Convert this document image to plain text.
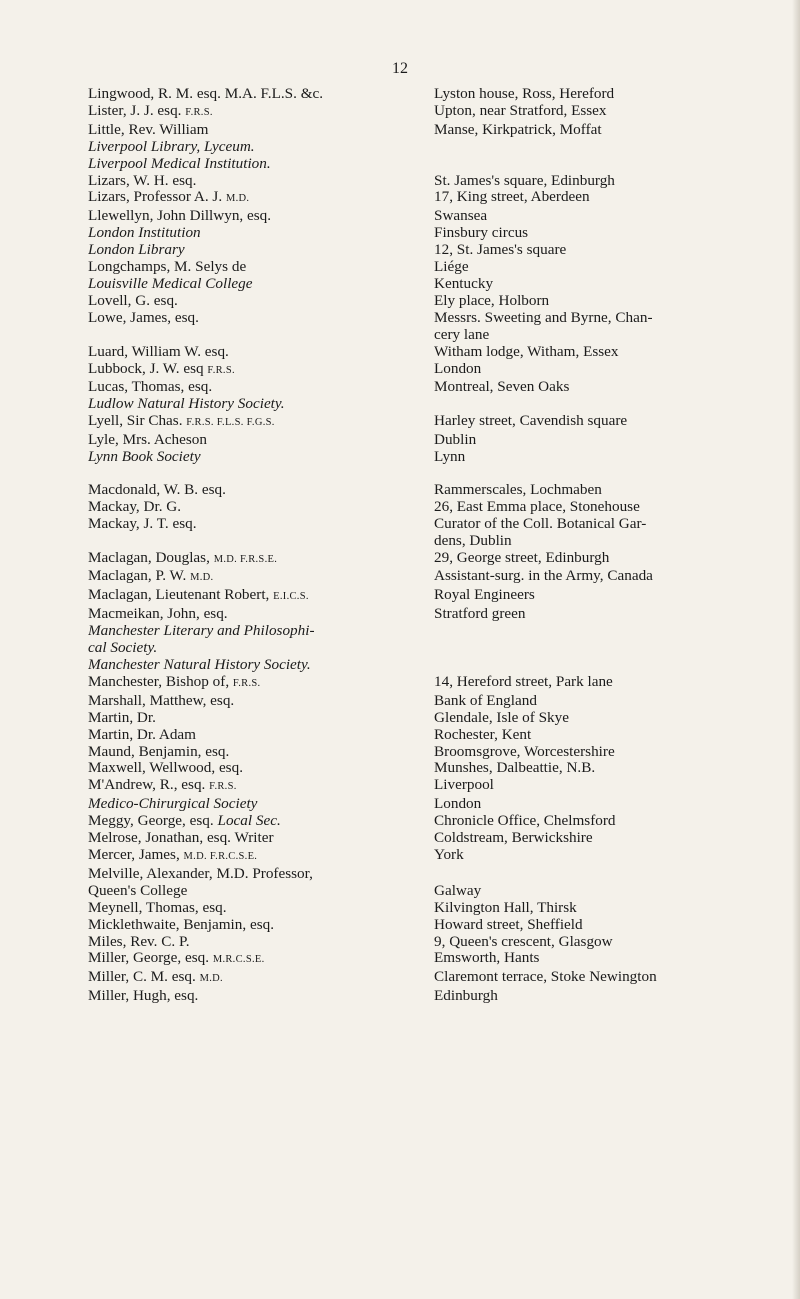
12
Lingwood, R. M. esq. M.A. F.L.S. &c.	Lyston house, Ross, Hereford
Lister, J. J. esq. F.R.S.	Upton, near Stratford, Essex
Little, Rev. William	Manse, Kirkpatrick, Moffat
Liverpool Library, Lyceum.
Liverpool Medical Institution.
Lizars, W. H. esq.	St. James's square, Edinburgh
Lizars, Professor A. J. M.D.	17, King street, Aberdeen
Llewellyn, John Dillwyn, esq.	Swansea
London Institution	Finsbury circus
London Library	12, St. James's square
Longchamps, M. Selys de	Liége
Louisville Medical College	Kentucky
Lovell, G. esq.	Ely place, Holborn
Lowe, James, esq.	Messrs. Sweeting and Byrne, Chan-
cery lane
Luard, William W. esq.	Witham lodge, Witham, Essex
Lubbock, J. W. esq F.R.S.	London
Lucas, Thomas, esq.	Montreal, Seven Oaks
Ludlow Natural History Society.
Lyell, Sir Chas. F.R.S. F.L.S. F.G.S.	Harley street, Cavendish square
Lyle, Mrs. Acheson	Dublin
Lynn Book Society	Lynn
Macdonald, W. B. esq.	Rammerscales, Lochmaben
Mackay, Dr. G.	26, East Emma place, Stonehouse
Mackay, J. T. esq.	Curator of the Coll. Botanical Gar-
dens, Dublin
Maclagan, Douglas, M.D. F.R.S.E.	29, George street, Edinburgh
Maclagan, P. W. M.D.	Assistant-surg. in the Army, Canada
Maclagan, Lieutenant Robert, E.I.C.S.	Royal Engineers
Macmeikan, John, esq.	Stratford green
Manchester Literary and Philosophi-
cal Society.
Manchester Natural History Society.
Manchester, Bishop of, F.R.S.	14, Hereford street, Park lane
Marshall, Matthew, esq.	Bank of England
Martin, Dr.	Glendale, Isle of Skye
Martin, Dr. Adam	Rochester, Kent
Maund, Benjamin, esq.	Broomsgrove, Worcestershire
Maxwell, Wellwood, esq.	Munshes, Dalbeattie, N.B.
M'Andrew, R., esq. F.R.S.	Liverpool
Medico-Chirurgical Society	London
Meggy, George, esq. Local Sec.	Chronicle Office, Chelmsford
Melrose, Jonathan, esq. Writer	Coldstream, Berwickshire
Mercer, James, M.D. F.R.C.S.E.	York
Melville, Alexander, M.D. Professor,
Queen's College	Galway
Meynell, Thomas, esq.	Kilvington Hall, Thirsk
Micklethwaite, Benjamin, esq.	Howard street, Sheffield
Miles, Rev. C. P.	9, Queen's crescent, Glasgow
Miller, George, esq. M.R.C.S.E.	Emsworth, Hants
Miller, C. M. esq. M.D.	Claremont terrace, Stoke Newington
Miller, Hugh, esq.	Edinburgh
